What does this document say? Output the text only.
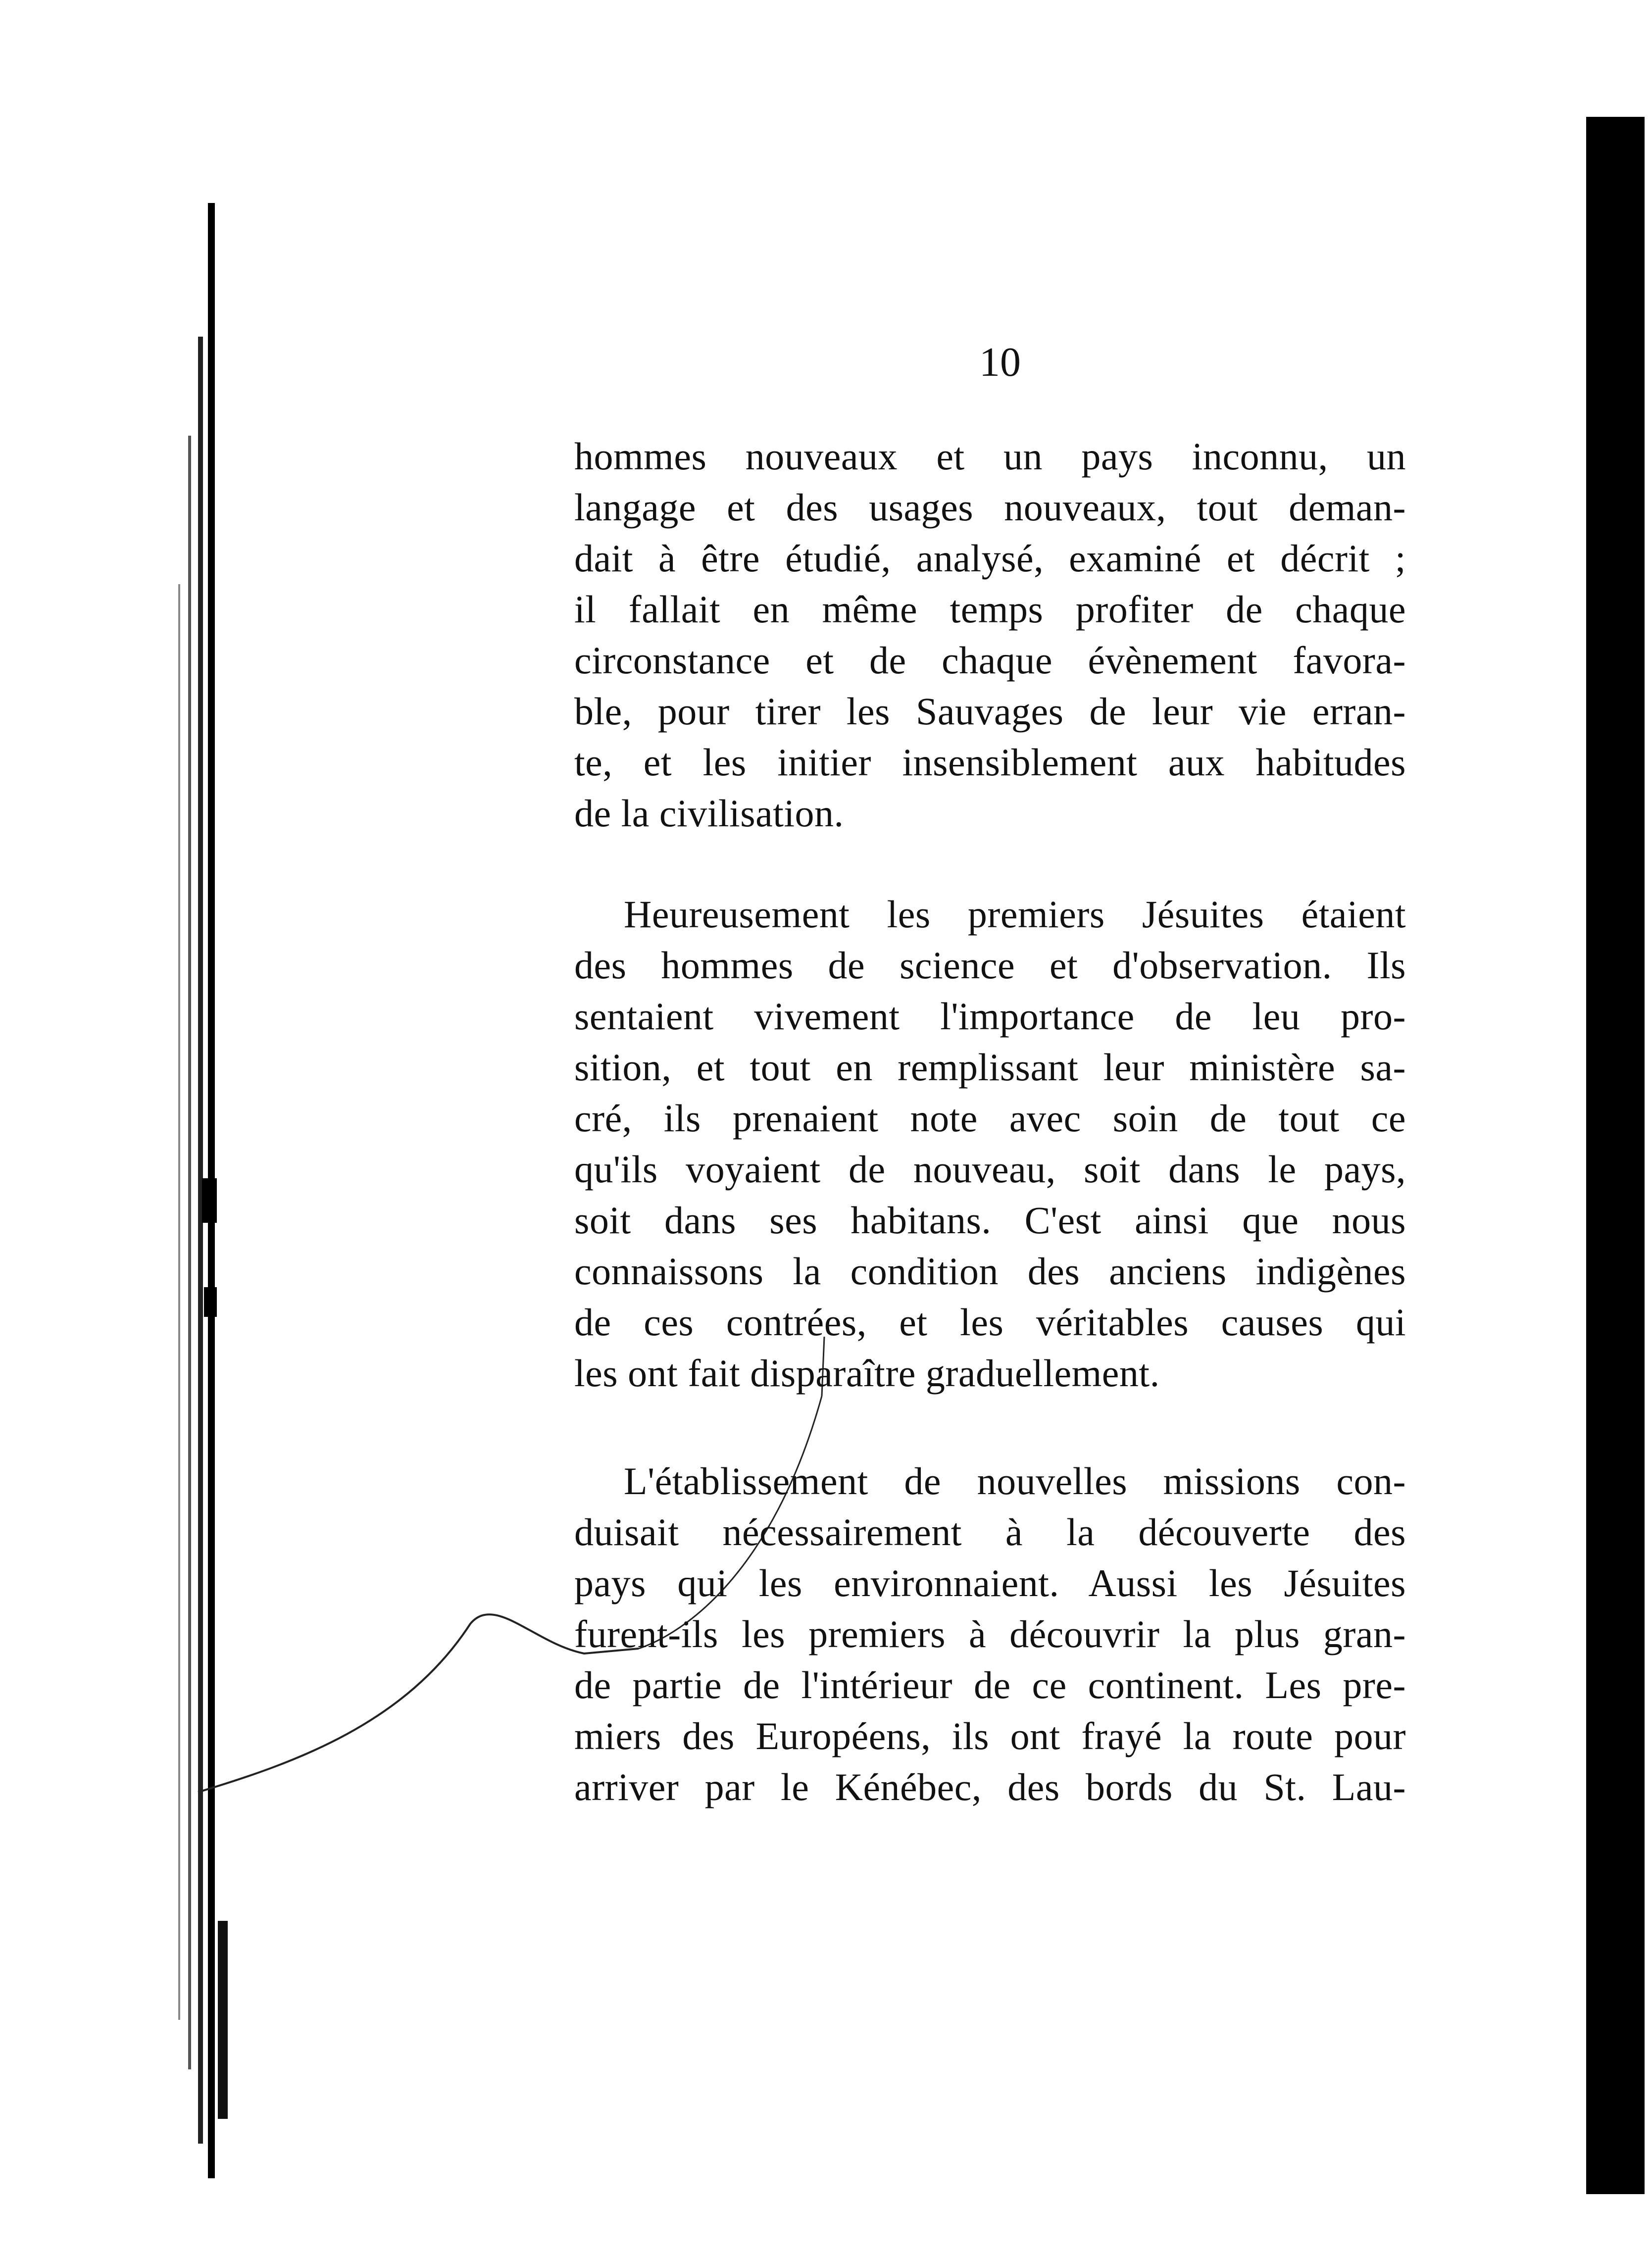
10
hommes nouveaux et un pays inconnu, un
langage et des usages nouveaux, tout deman-
dait à être étudié, analysé, examiné et décrit ;
il fallait en même temps profiter de chaque
circonstance et de chaque évènement favora-
ble, pour tirer les Sauvages de leur vie erran-
te, et les initier insensiblement aux habitudes
de la civilisation.
Heureusement les premiers Jésuites étaient
des hommes de science et d'observation. Ils
sentaient vivement l'importance de leu pro-
sition, et tout en remplissant leur ministère sa-
cré, ils prenaient note avec soin de tout ce
qu'ils voyaient de nouveau, soit dans le pays,
soit dans ses habitans. C'est ainsi que nous
connaissons la condition des anciens indigènes
de ces contrées, et les véritables causes qui
les ont fait disparaître graduellement.
L'établissement de nouvelles missions con-
duisait nécessairement à la découverte des
pays qui les environnaient. Aussi les Jésuites
furent-ils les premiers à découvrir la plus gran-
de partie de l'intérieur de ce continent. Les pre-
miers des Européens, ils ont frayé la route pour
arriver par le Kénébec, des bords du St. Lau-
